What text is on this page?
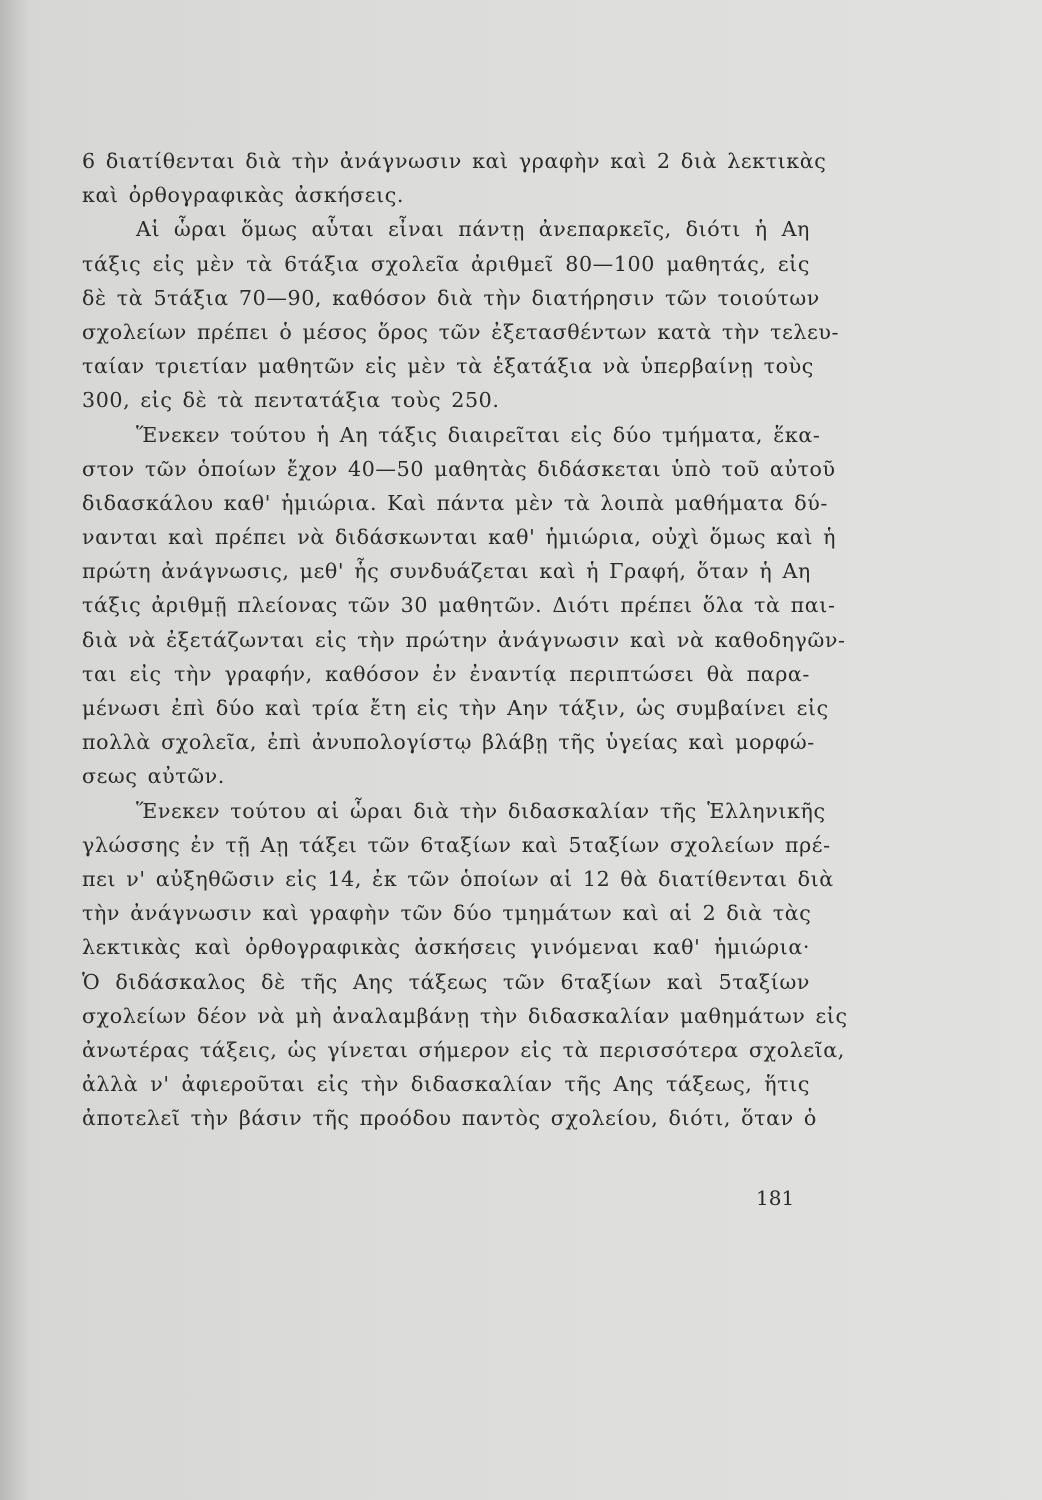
6 διατίθενται διὰ τὴν ἀνάγνωσιν καὶ γραφὴν καὶ 2 διὰ λεκτικὰς
καὶ ὀρθογραφικὰς ἀσκήσεις.
Αἱ ὧραι ὅμως αὗται εἶναι πάντῃ ἀνεπαρκεῖς, διότι ἡ Αη
τάξις εἰς μὲν τὰ 6τάξια σχολεῖα ἀριθμεῖ 80—100 μαθητάς, εἰς
δὲ τὰ 5τάξια 70—90, καθόσον διὰ τὴν διατήρησιν τῶν τοιούτων
σχολείων πρέπει ὁ μέσος ὅρος τῶν ἐξετασθέντων κατὰ τὴν τελευ-
ταίαν τριετίαν μαθητῶν εἰς μὲν τὰ ἑξατάξια νὰ ὑπερβαίνῃ τοὺς
300, εἰς δὲ τὰ πεντατάξια τοὺς 250.
Ἕνεκεν τούτου ἡ Αη τάξις διαιρεῖται εἰς δύο τμήματα, ἕκα-
στον τῶν ὁποίων ἔχον 40—50 μαθητὰς διδάσκεται ὑπὸ τοῦ αὐτοῦ
διδασκάλου καθ' ἡμιώρια. Καὶ πάντα μὲν τὰ λοιπὰ μαθήματα δύ-
νανται καὶ πρέπει νὰ διδάσκωνται καθ' ἡμιώρια, οὐχὶ ὅμως καὶ ἡ
πρώτη ἀνάγνωσις, μεθ' ἧς συνδυάζεται καὶ ἡ Γραφή, ὅταν ἡ Αη
τάξις ἀριθμῇ πλείονας τῶν 30 μαθητῶν. Διότι πρέπει ὅλα τὰ παι-
διὰ νὰ ἐξετάζωνται εἰς τὴν πρώτην ἀνάγνωσιν καὶ νὰ καθοδηγῶν-
ται εἰς τὴν γραφήν, καθόσον ἐν ἐναντίᾳ περιπτώσει θὰ παρα-
μένωσι ἐπὶ δύο καὶ τρία ἔτη εἰς τὴν Αην τάξιν, ὡς συμβαίνει εἰς
πολλὰ σχολεῖα, ἐπὶ ἀνυπολογίστῳ βλάβῃ τῆς ὑγείας καὶ μορφώ-
σεως αὐτῶν.
Ἕνεκεν τούτου αἱ ὧραι διὰ τὴν διδασκαλίαν τῆς Ἑλληνικῆς
γλώσσης ἐν τῇ Αῃ τάξει τῶν 6ταξίων καὶ 5ταξίων σχολείων πρέ-
πει ν' αὐξηθῶσιν εἰς 14, ἐκ τῶν ὁποίων αἱ 12 θὰ διατίθενται διὰ
τὴν ἀνάγνωσιν καὶ γραφὴν τῶν δύο τμημάτων καὶ αἱ 2 διὰ τὰς
λεκτικὰς καὶ ὀρθογραφικὰς ἀσκήσεις γινόμεναι καθ' ἡμιώρια·
Ὁ διδάσκαλος δὲ τῆς Αης τάξεως τῶν 6ταξίων καὶ 5ταξίων
σχολείων δέον νὰ μὴ ἀναλαμβάνῃ τὴν διδασκαλίαν μαθημάτων εἰς
ἀνωτέρας τάξεις, ὡς γίνεται σήμερον εἰς τὰ περισσότερα σχολεῖα,
ἀλλὰ ν' ἀφιεροῦται εἰς τὴν διδασκαλίαν τῆς Αης τάξεως, ἥτις
ἀποτελεῖ τὴν βάσιν τῆς προόδου παντὸς σχολείου, διότι, ὅταν ὁ
181
